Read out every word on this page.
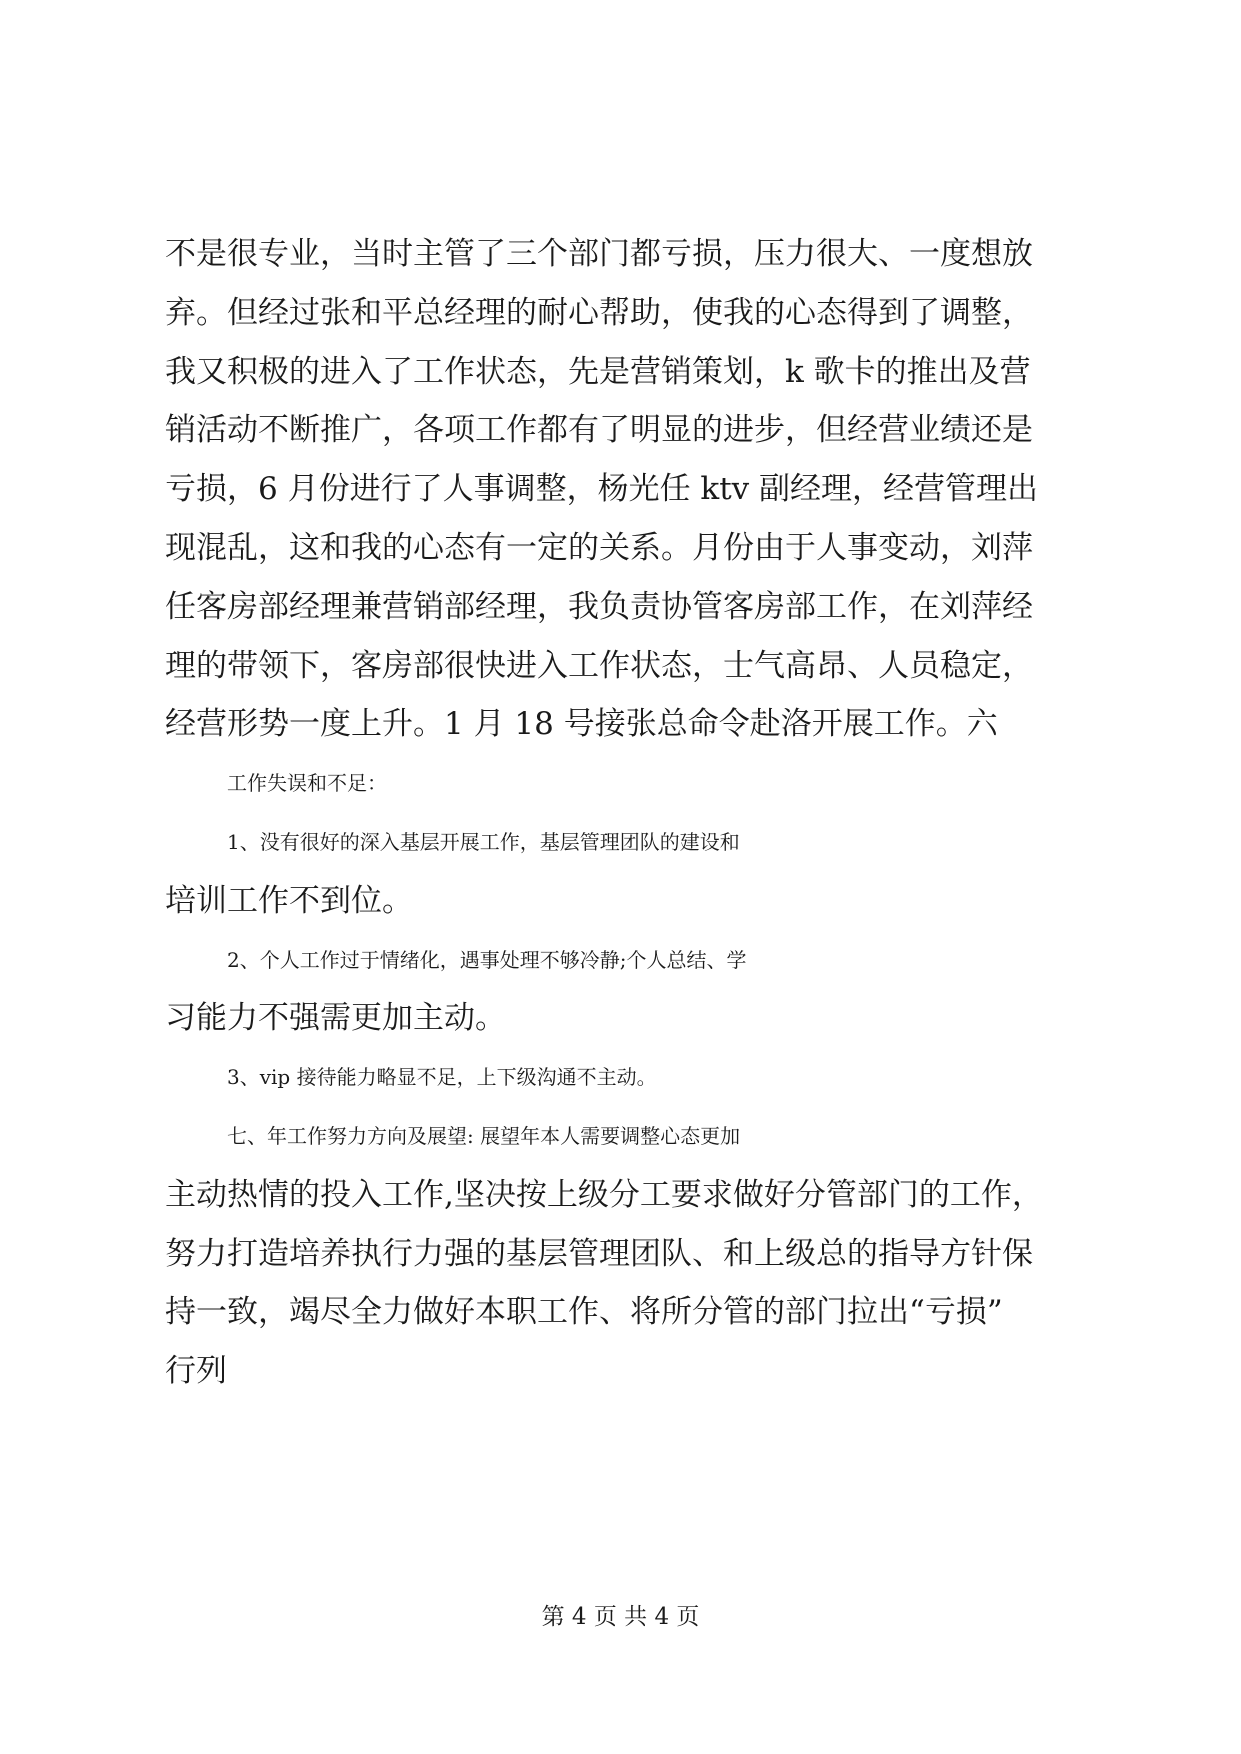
不是很专业，当时主管了三个部门都亏损，压力很大、一度想放
弃。但经过张和平总经理的耐心帮助，使我的心态得到了调整，
我又积极的进入了工作状态，先是营销策划，k 歌卡的推出及营
销活动不断推广，各项工作都有了明显的进步，但经营业绩还是
亏损，6 月份进行了人事调整，杨光任 ktv 副经理，经营管理出
现混乱，这和我的心态有一定的关系。月份由于人事变动，刘萍
任客房部经理兼营销部经理，我负责协管客房部工作，在刘萍经
理的带领下，客房部很快进入工作状态，士气高昂、人员稳定，
经营形势一度上升。1 月 18 号接张总命令赴洛开展工作。六
工作失误和不足：
1、没有很好的深入基层开展工作，基层管理团队的建设和
培训工作不到位。
2、个人工作过于情绪化，遇事处理不够冷静;个人总结、学
习能力不强需更加主动。
3、vip 接待能力略显不足，上下级沟通不主动。
七、年工作努力方向及展望: 展望年本人需要调整心态更加
主动热情的投入工作,坚决按上级分工要求做好分管部门的工作，
努力打造培养执行力强的基层管理团队、和上级总的指导方针保
持一致，竭尽全力做好本职工作、将所分管的部门拉出“亏损”
行列
第 4 页 共 4 页
